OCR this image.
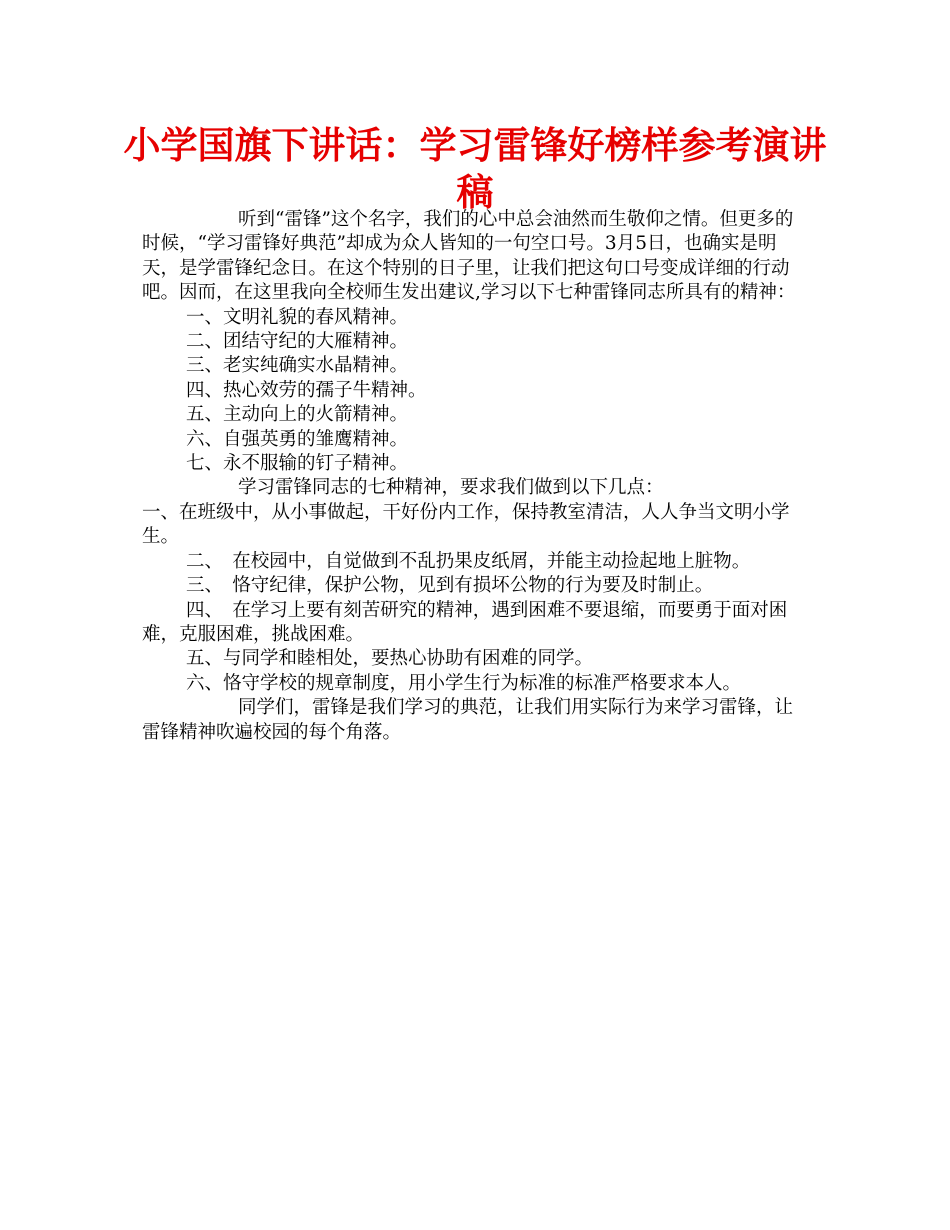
小学国旗下讲话：学习雷锋好榜样参考演讲稿

听到“雷锋”这个名字，我们的心中总会油然而生敬仰之情。但更多的时候，“学习雷锋好典范”却成为众人皆知的一句空口号。3月5日，也确实是明天，是学雷锋纪念日。在这个特别的日子里，让我们把这句口号变成详细的行动吧。因而，在这里我向全校师生发出建议,学习以下七种雷锋同志所具有的精神：

一、文明礼貌的春风精神。

二、团结守纪的大雁精神。

三、老实纯确实水晶精神。

四、热心效劳的孺子牛精神。

五、主动向上的火箭精神。

六、自强英勇的雏鹰精神。

七、永不服输的钉子精神。

学习雷锋同志的七种精神，要求我们做到以下几点：

一、在班级中，从小事做起，干好份内工作，保持教室清洁，人人争当文明小学生。

二、　在校园中，自觉做到不乱扔果皮纸屑，并能主动捡起地上脏物。

三、　恪守纪律，保护公物，见到有损坏公物的行为要及时制止。

四、　在学习上要有刻苦研究的精神，遇到困难不要退缩，而要勇于面对困难，克服困难，挑战困难。

五、与同学和睦相处，要热心协助有困难的同学。

六、恪守学校的规章制度，用小学生行为标准的标准严格要求本人。

同学们，雷锋是我们学习的典范，让我们用实际行为来学习雷锋，让雷锋精神吹遍校园的每个角落。
